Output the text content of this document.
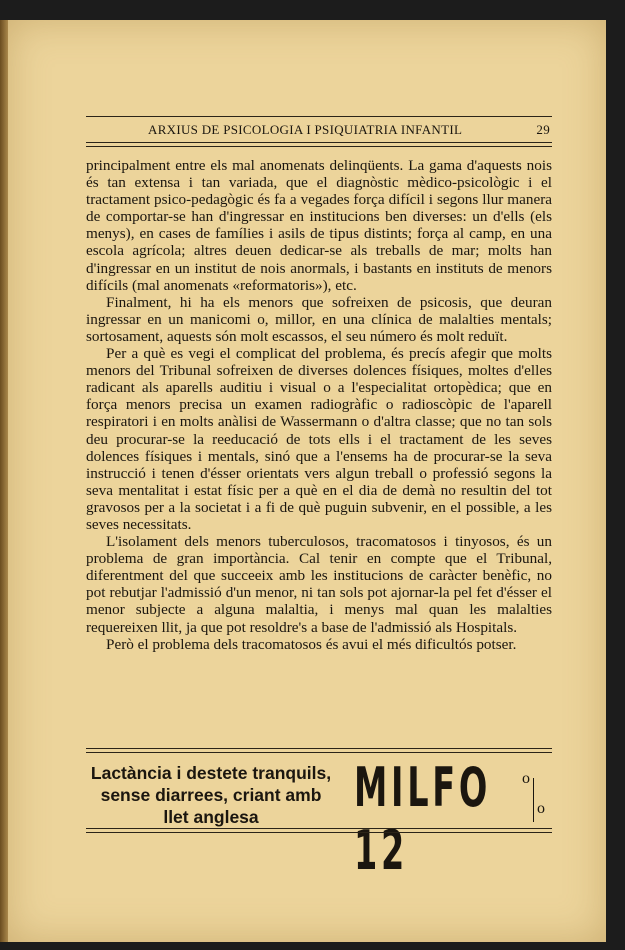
ARXIUS DE PSICOLOGIA I PSIQUIATRIA INFANTIL	29

principalment entre els mal anomenats delinqüents. La gama d'aquests nois és tan extensa i tan variada, que el diagnòstic mèdico-psicològic i el tractament psico-pedagògic és fa a vegades força difícil i segons llur manera de comportar-se han d'ingressar en institucions ben diverses: un d'ells (els menys), en cases de famílies i asils de tipus distints; força al camp, en una escola agrícola; altres deuen dedicar-se als treballs de mar; molts han d'ingressar en un institut de nois anormals, i bastants en instituts de menors difícils (mal anomenats «reformatoris»), etc.

Finalment, hi ha els menors que sofreixen de psicosis, que deuran ingressar en un manicomi o, millor, en una clínica de malalties mentals; sortosament, aquests són molt escassos, el seu número és molt reduït.

Per a què es vegi el complicat del problema, és precís afegir que molts menors del Tribunal sofreixen de diverses dolences físiques, moltes d'elles radicant als aparells auditiu i visual o a l'especialitat ortopèdica; que en força menors precisa un examen radiogràfic o radioscòpic de l'aparell respiratori i en molts anàlisi de Wassermann o d'altra classe; que no tan sols deu procurar-se la reeducació de tots ells i el tractament de les seves dolences físiques i mentals, sinó que a l'ensems ha de procurar-se la seva instrucció i tenen d'ésser orientats vers algun treball o professió segons la seva mentalitat i estat físic per a què en el dia de demà no resultin del tot gravosos per a la societat i a fi de què puguin subvenir, en el possible, a les seves necessitats.

L'isolament dels menors tuberculosos, tracomatosos i tinyosos, és un problema de gran importància. Cal tenir en compte que el Tribunal, diferentment del que succeeix amb les institucions de caràcter benèfic, no pot rebutjar l'admissió d'un menor, ni tan sols pot ajornar-la pel fet d'ésser el menor subjecte a alguna malaltia, i menys mal quan les malalties requereixen llit, ja que pot resoldre's a base de l'admissió als Hospitals.

Però el problema dels tracomatosos és avui el més dificultós potser.

Lactància i destete tranquils,
sense diarrees, criant amb
llet anglesa	MILFO 12
o
o
